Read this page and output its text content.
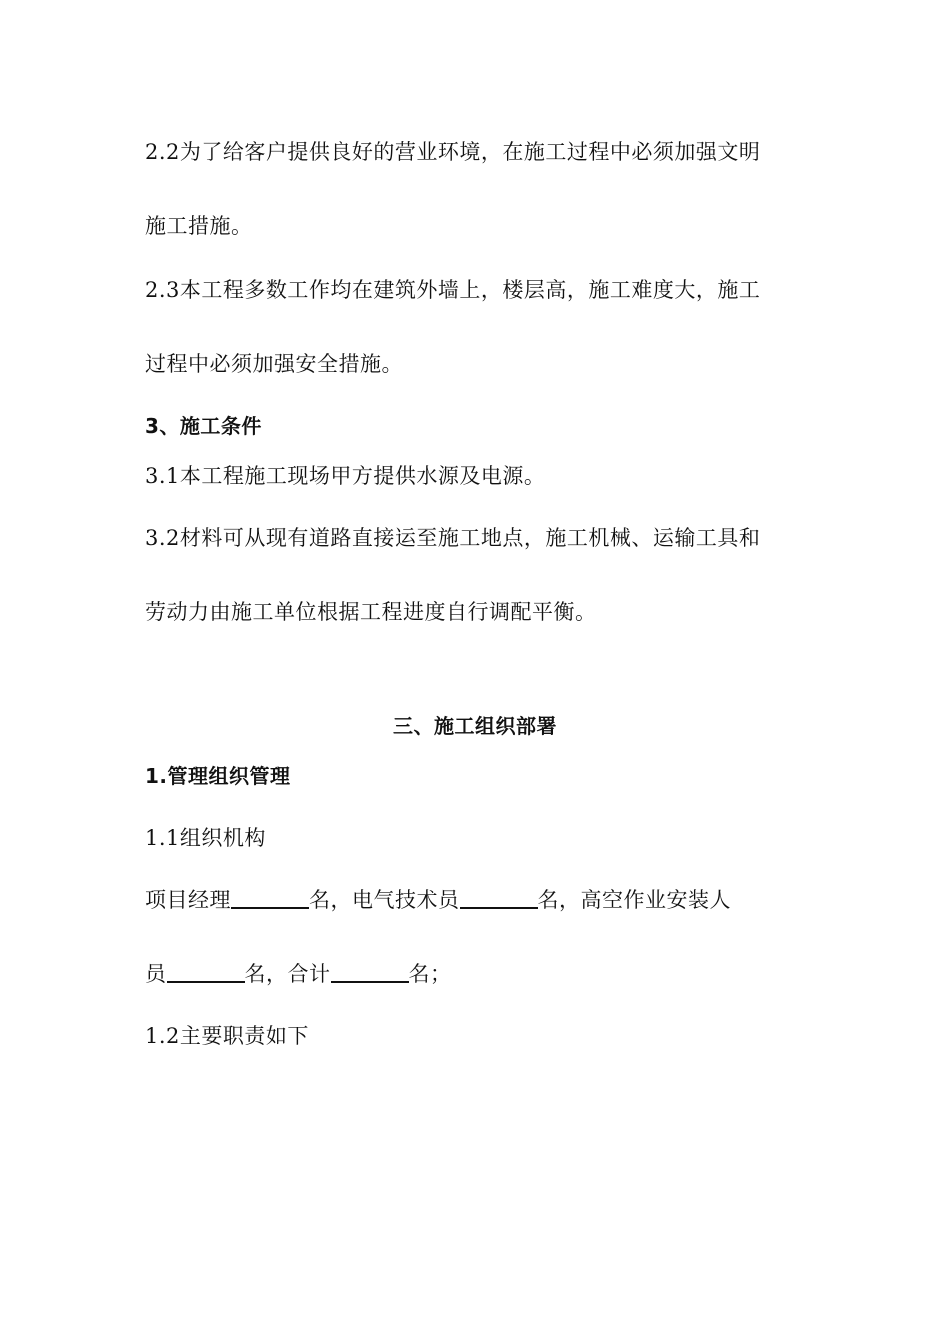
2.2为了给客户提供良好的营业环境，在施工过程中必须加强文明
施工措施。
2.3本工程多数工作均在建筑外墙上，楼层高，施工难度大，施工
过程中必须加强安全措施。
3、施工条件
3.1本工程施工现场甲方提供水源及电源。
3.2材料可从现有道路直接运至施工地点，施工机械、运输工具和
劳动力由施工单位根据工程进度自行调配平衡。
三、施工组织部署
1.管理组织管理
1.1组织机构
项目经理	名，电气技术员	名，高空作业安装人
员	名，合计	名；
1.2主要职责如下
